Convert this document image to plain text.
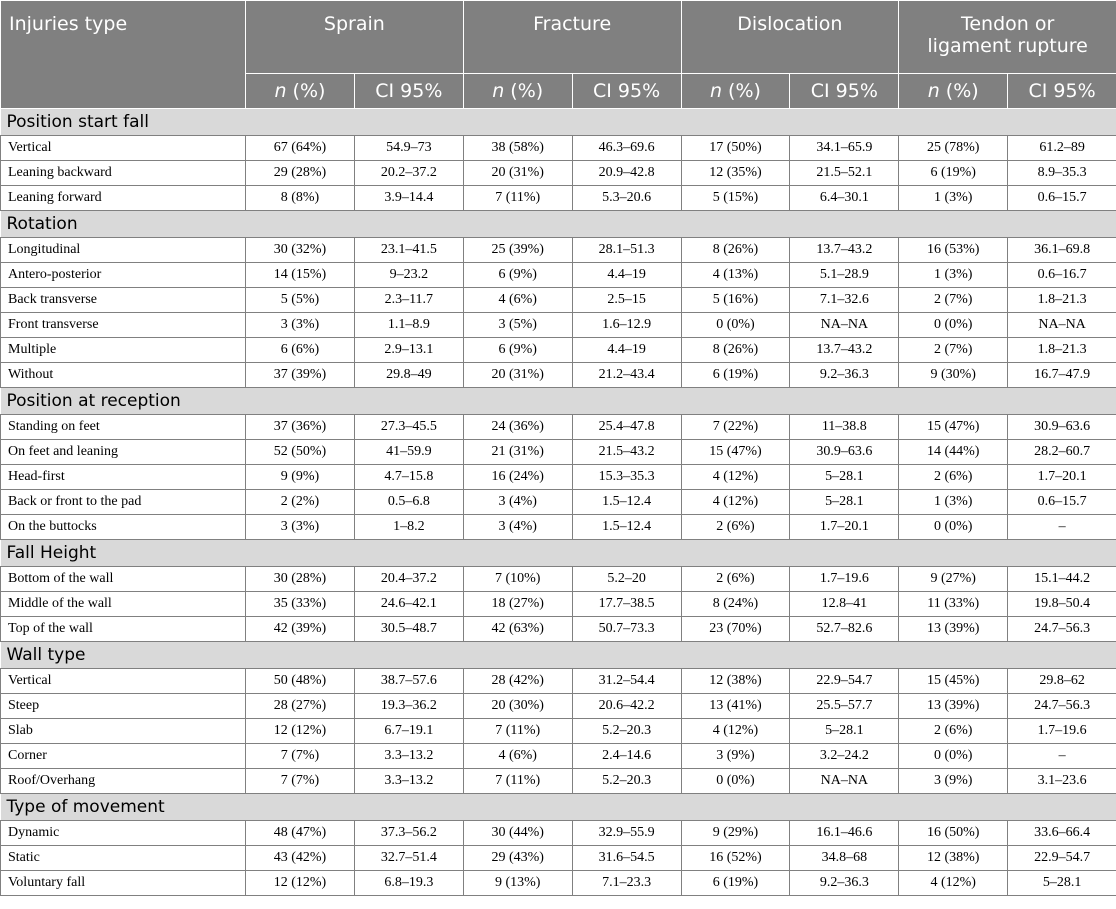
Injuries type	Sprain		Fracture		Dislocation		Tendon or ligament rupture	
	n (%)	CI 95%	n (%)	CI 95%	n (%)	CI 95%	n (%)	CI 95%
Position start fall								
Vertical	67 (64%)	54.9–73	38 (58%)	46.3–69.6	17 (50%)	34.1–65.9	25 (78%)	61.2–89
Leaning backward	29 (28%)	20.2–37.2	20 (31%)	20.9–42.8	12 (35%)	21.5–52.1	6 (19%)	8.9–35.3
Leaning forward	8 (8%)	3.9–14.4	7 (11%)	5.3–20.6	5 (15%)	6.4–30.1	1 (3%)	0.6–15.7
Rotation								
Longitudinal	30 (32%)	23.1–41.5	25 (39%)	28.1–51.3	8 (26%)	13.7–43.2	16 (53%)	36.1–69.8
Antero-posterior	14 (15%)	9–23.2	6 (9%)	4.4–19	4 (13%)	5.1–28.9	1 (3%)	0.6–16.7
Back transverse	5 (5%)	2.3–11.7	4 (6%)	2.5–15	5 (16%)	7.1–32.6	2 (7%)	1.8–21.3
Front transverse	3 (3%)	1.1–8.9	3 (5%)	1.6–12.9	0 (0%)	NA–NA	0 (0%)	NA–NA
Multiple	6 (6%)	2.9–13.1	6 (9%)	4.4–19	8 (26%)	13.7–43.2	2 (7%)	1.8–21.3
Without	37 (39%)	29.8–49	20 (31%)	21.2–43.4	6 (19%)	9.2–36.3	9 (30%)	16.7–47.9
Position at reception								
Standing on feet	37 (36%)	27.3–45.5	24 (36%)	25.4–47.8	7 (22%)	11–38.8	15 (47%)	30.9–63.6
On feet and leaning	52 (50%)	41–59.9	21 (31%)	21.5–43.2	15 (47%)	30.9–63.6	14 (44%)	28.2–60.7
Head-first	9 (9%)	4.7–15.8	16 (24%)	15.3–35.3	4 (12%)	5–28.1	2 (6%)	1.7–20.1
Back or front to the pad	2 (2%)	0.5–6.8	3 (4%)	1.5–12.4	4 (12%)	5–28.1	1 (3%)	0.6–15.7
On the buttocks	3 (3%)	1–8.2	3 (4%)	1.5–12.4	2 (6%)	1.7–20.1	0 (0%)	–
Fall Height								
Bottom of the wall	30 (28%)	20.4–37.2	7 (10%)	5.2–20	2 (6%)	1.7–19.6	9 (27%)	15.1–44.2
Middle of the wall	35 (33%)	24.6–42.1	18 (27%)	17.7–38.5	8 (24%)	12.8–41	11 (33%)	19.8–50.4
Top of the wall	42 (39%)	30.5–48.7	42 (63%)	50.7–73.3	23 (70%)	52.7–82.6	13 (39%)	24.7–56.3
Wall type								
Vertical	50 (48%)	38.7–57.6	28 (42%)	31.2–54.4	12 (38%)	22.9–54.7	15 (45%)	29.8–62
Steep	28 (27%)	19.3–36.2	20 (30%)	20.6–42.2	13 (41%)	25.5–57.7	13 (39%)	24.7–56.3
Slab	12 (12%)	6.7–19.1	7 (11%)	5.2–20.3	4 (12%)	5–28.1	2 (6%)	1.7–19.6
Corner	7 (7%)	3.3–13.2	4 (6%)	2.4–14.6	3 (9%)	3.2–24.2	0 (0%)	–
Roof/Overhang	7 (7%)	3.3–13.2	7 (11%)	5.2–20.3	0 (0%)	NA–NA	3 (9%)	3.1–23.6
Type of movement								
Dynamic	48 (47%)	37.3–56.2	30 (44%)	32.9–55.9	9 (29%)	16.1–46.6	16 (50%)	33.6–66.4
Static	43 (42%)	32.7–51.4	29 (43%)	31.6–54.5	16 (52%)	34.8–68	12 (38%)	22.9–54.7
Voluntary fall	12 (12%)	6.8–19.3	9 (13%)	7.1–23.3	6 (19%)	9.2–36.3	4 (12%)	5–28.1
